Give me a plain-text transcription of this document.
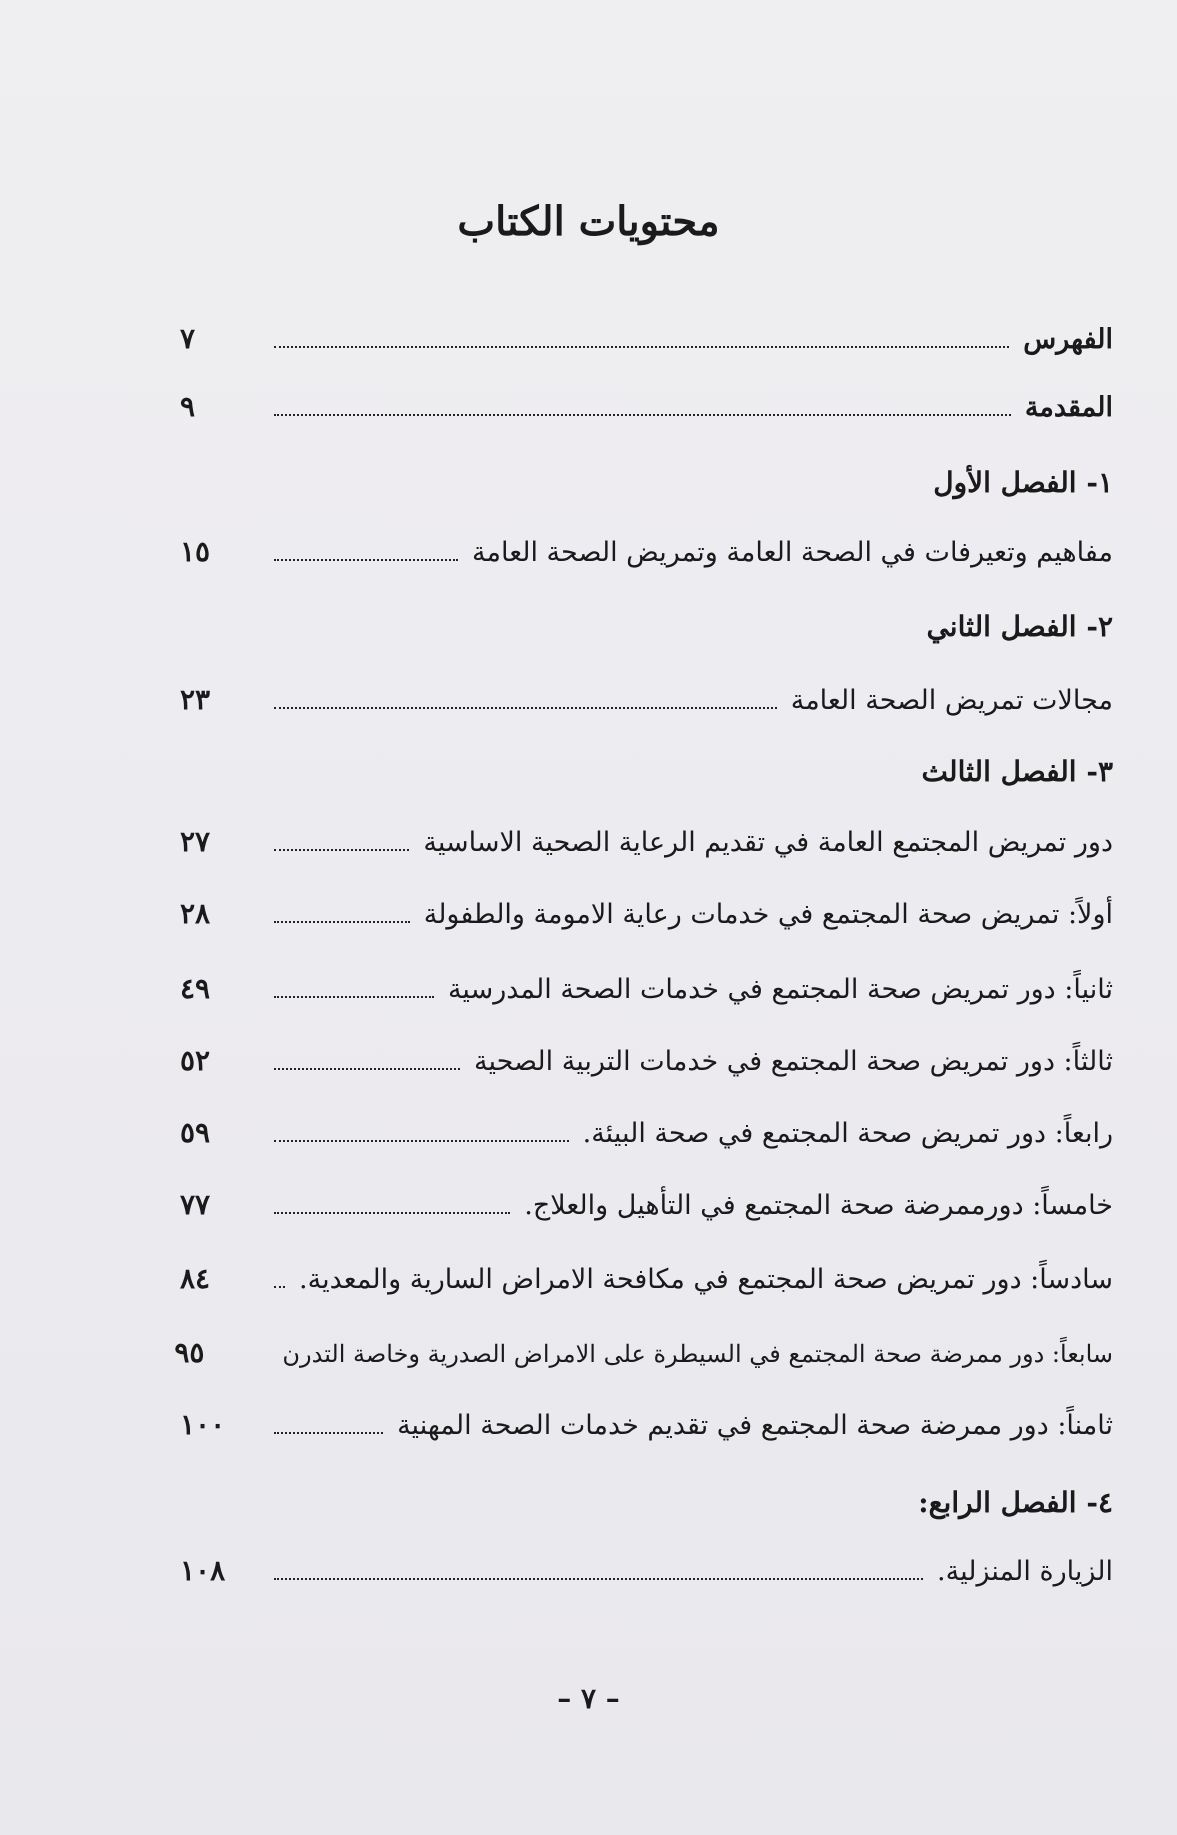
محتويات الكتاب
الفهرس
٧
المقدمة
٩
١- الفصل الأول
مفاهيم وتعيرفات في الصحة العامة وتمريض الصحة العامة
١٥
٢- الفصل الثاني
مجالات تمريض الصحة العامة
٢٣
٣- الفصل الثالث
دور تمريض المجتمع العامة في تقديم الرعاية الصحية الاساسية
٢٧
أولاً: تمريض صحة المجتمع في خدمات رعاية الامومة والطفولة
٢٨
ثانياً: دور تمريض صحة المجتمع في خدمات الصحة المدرسية
٤٩
ثالثاً: دور تمريض صحة المجتمع في خدمات التربية الصحية
٥٢
رابعاً: دور تمريض صحة المجتمع في صحة البيئة.
٥٩
خامساً: دورممرضة صحة المجتمع في التأهيل والعلاج.
٧٧
سادساً: دور تمريض صحة المجتمع في مكافحة الامراض السارية والمعدية.
٨٤
سابعاً: دور ممرضة صحة المجتمع في السيطرة على الامراض الصدرية وخاصة التدرن
٩٥
ثامناً: دور ممرضة صحة المجتمع في تقديم خدمات الصحة المهنية
١٠٠
٤- الفصل الرابع:
الزيارة المنزلية.
١٠٨
– ٧ –
